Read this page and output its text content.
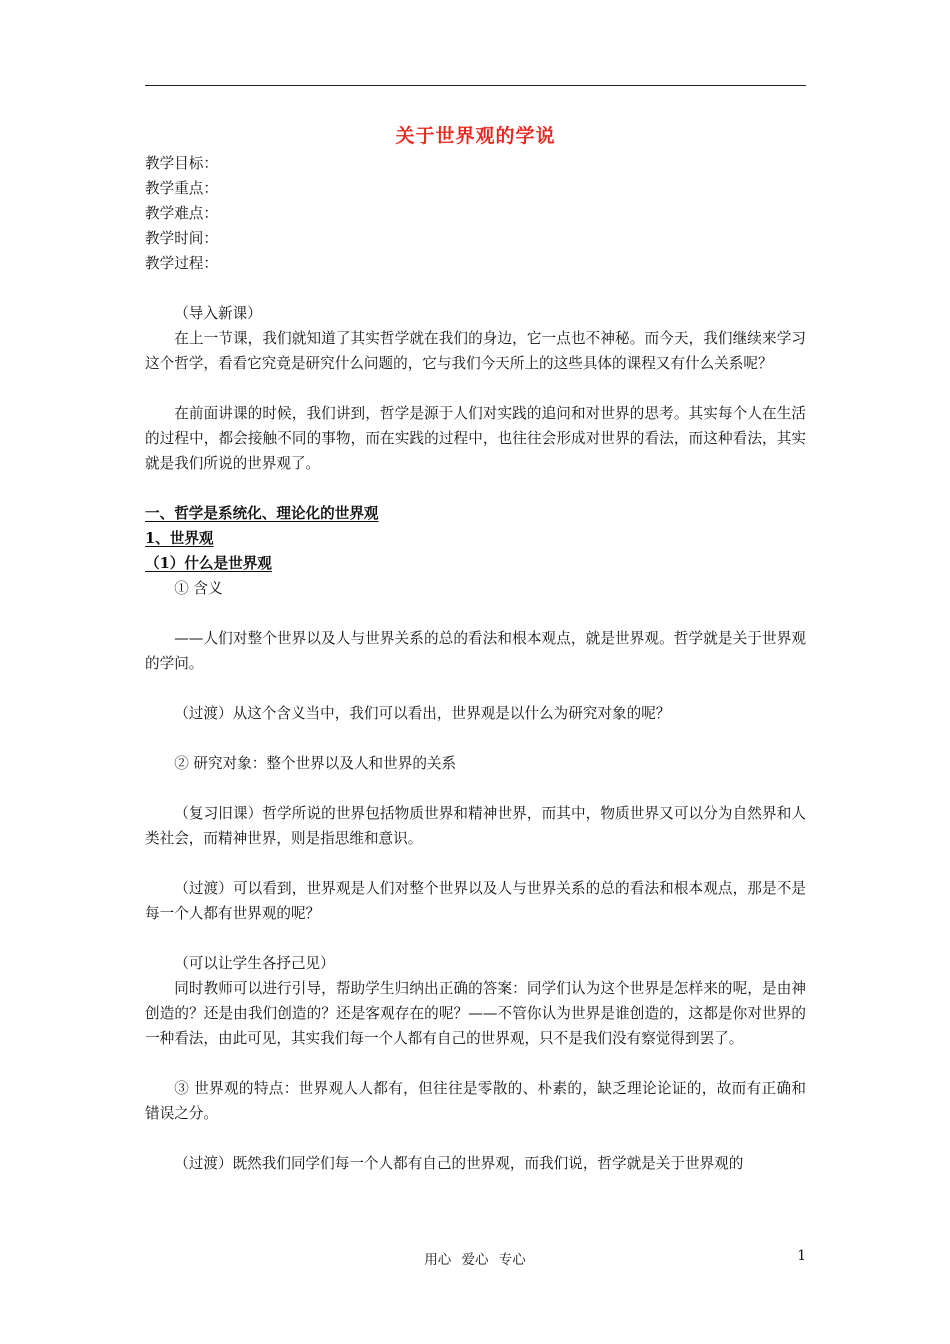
关于世界观的学说

教学目标：

教学重点：

教学难点：

教学时间：

教学过程：

（导入新课）

在上一节课，我们就知道了其实哲学就在我们的身边，它一点也不神秘。而今天，我们继续来学习这个哲学，看看它究竟是研究什么问题的，它与我们今天所上的这些具体的课程又有什么关系呢？

在前面讲课的时候，我们讲到，哲学是源于人们对实践的追问和对世界的思考。其实每个人在生活的过程中，都会接触不同的事物，而在实践的过程中，也往往会形成对世界的看法，而这种看法，其实就是我们所说的世界观了。

一、哲学是系统化、理论化的世界观

1、世界观

（1）什么是世界观

① 含义

——人们对整个世界以及人与世界关系的总的看法和根本观点，就是世界观。哲学就是关于世界观的学问。

（过渡）从这个含义当中，我们可以看出，世界观是以什么为研究对象的呢？

② 研究对象：整个世界以及人和世界的关系

（复习旧课）哲学所说的世界包括物质世界和精神世界，而其中，物质世界又可以分为自然界和人类社会，而精神世界，则是指思维和意识。

（过渡）可以看到，世界观是人们对整个世界以及人与世界关系的总的看法和根本观点，那是不是每一个人都有世界观的呢？

（可以让学生各抒己见）

同时教师可以进行引导，帮助学生归纳出正确的答案：同学们认为这个世界是怎样来的呢，是由神创造的？还是由我们创造的？还是客观存在的呢？——不管你认为世界是谁创造的，这都是你对世界的一种看法，由此可见，其实我们每一个人都有自己的世界观，只不是我们没有察觉得到罢了。

③ 世界观的特点：世界观人人都有，但往往是零散的、朴素的，缺乏理论论证的，故而有正确和错误之分。

（过渡）既然我们同学们每一个人都有自己的世界观，而我们说，哲学就是关于世界观的

用心 爱心 专心	1
